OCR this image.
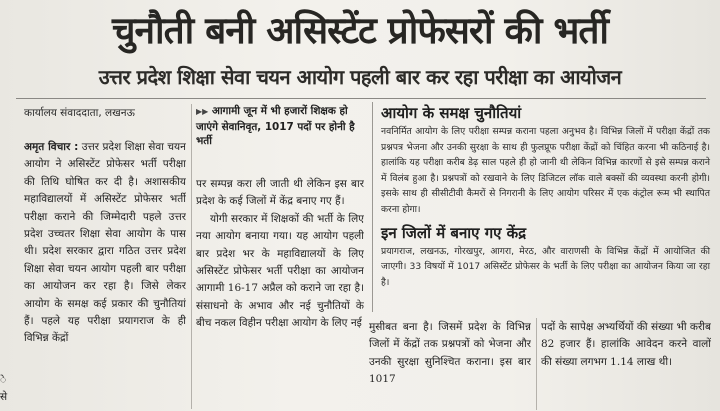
चुनौती बनी असिस्टेंट प्रोफेसरों की भर्ती
उत्तर प्रदेश शिक्षा सेवा चयन आयोग पहली बार कर रहा परीक्षा का आयोजन
कार्यालय संवाददाता, लखनऊ

अमृत विचार : उत्तर प्रदेश शिक्षा सेवा चयन आयोग ने असिस्टेंट प्रोफेसर भर्ती परीक्षा की तिथि घोषित कर दी है। अशासकीय महाविद्यालयों में असिस्टेंट प्रोफेसर भर्ती परीक्षा कराने की जिम्मेदारी पहले उत्तर प्रदेश उच्चतर शिक्षा सेवा आयोग के पास थी। प्रदेश सरकार द्वारा गठित उत्तर प्रदेश शिक्षा सेवा चयन आयोग पहली बार परीक्षा का आयोजन कर रहा है। जिसे लेकर आयोग के समक्ष कई प्रकार की चुनौतियां हैं। पहले यह परीक्षा प्रयागराज के ही विभिन्न केंद्रों

▶▶ आगामी जून में भी हजारों शिक्षक हो जाएंगे सेवानिवृत, 1017 पदों पर होनी है भर्ती

पर सम्पन्न करा ली जाती थी लेकिन इस बार प्रदेश के कई जिलों में केंद्र बनाए गए हैं।

योगी सरकार में शिक्षकों की भर्ती के लिए नया आयोग बनाया गया। यह आयोग पहली बार प्रदेश भर के महाविद्यालयों के लिए असिस्टेंट प्रोफेसर भर्ती परीक्षा का आयोजन आगामी 16-17 अप्रैल को कराने जा रहा है। संसाधनो के अभाव और नई चुनौतियों के बीच नकल विहीन परीक्षा आयोग के लिए नई

आयोग के समक्ष चुनौतियां
नवनिर्मित आयोग के लिए परीक्षा सम्पन्न कराना पहला अनुभव है। विभिन्न जिलों में परीक्षा केंद्रों तक प्रश्नपत्र भेजना और उनकी सुरक्षा के साथ ही फुलप्रूफ परीक्षा केंद्रों को चिंहित करना भी कठिनाई है। हालांकि यह परीक्षा करीब डेढ़ साल पहले ही हो जानी थी लेकिन विभिन्न कारणों से इसे सम्पन्न कराने में विलंब हुआ है। प्रश्नपत्रों को रखवाने के लिए डिजिटल लॉक वाले बक्सों की व्यवस्था करनी होगी। इसके साथ ही सीसीटीवी कैमरों से निगरानी के लिए आयोग परिसर में एक कंट्रोल रूम भी स्थापित करना होगा।
इन जिलों में बनाए गए केंद्र
प्रयागराज, लखनऊ, गोरखपुर, आगरा, मेरठ, और वाराणसी के विभिन्न केंद्रों में आयोजित की जाएगी। 33 विषयों में 1017 असिस्टेंट प्रोफेसर के भर्ती के लिए परीक्षा का आयोजन किया जा रहा है।
मुसीबत बना है। जिसमें प्रदेश के विभिन्न जिलों में केंद्रों तक प्रश्नपत्रों को भेजना और उनकी सुरक्षा सुनिश्चित कराना। इस बार 1017
पदों के सापेक्ष अभ्यर्थियों की संख्या भी करीब 82 हजार हैं। हालांकि आवेदन करने वालों की संख्या लगभग 1.14 लाख थी।
े से
